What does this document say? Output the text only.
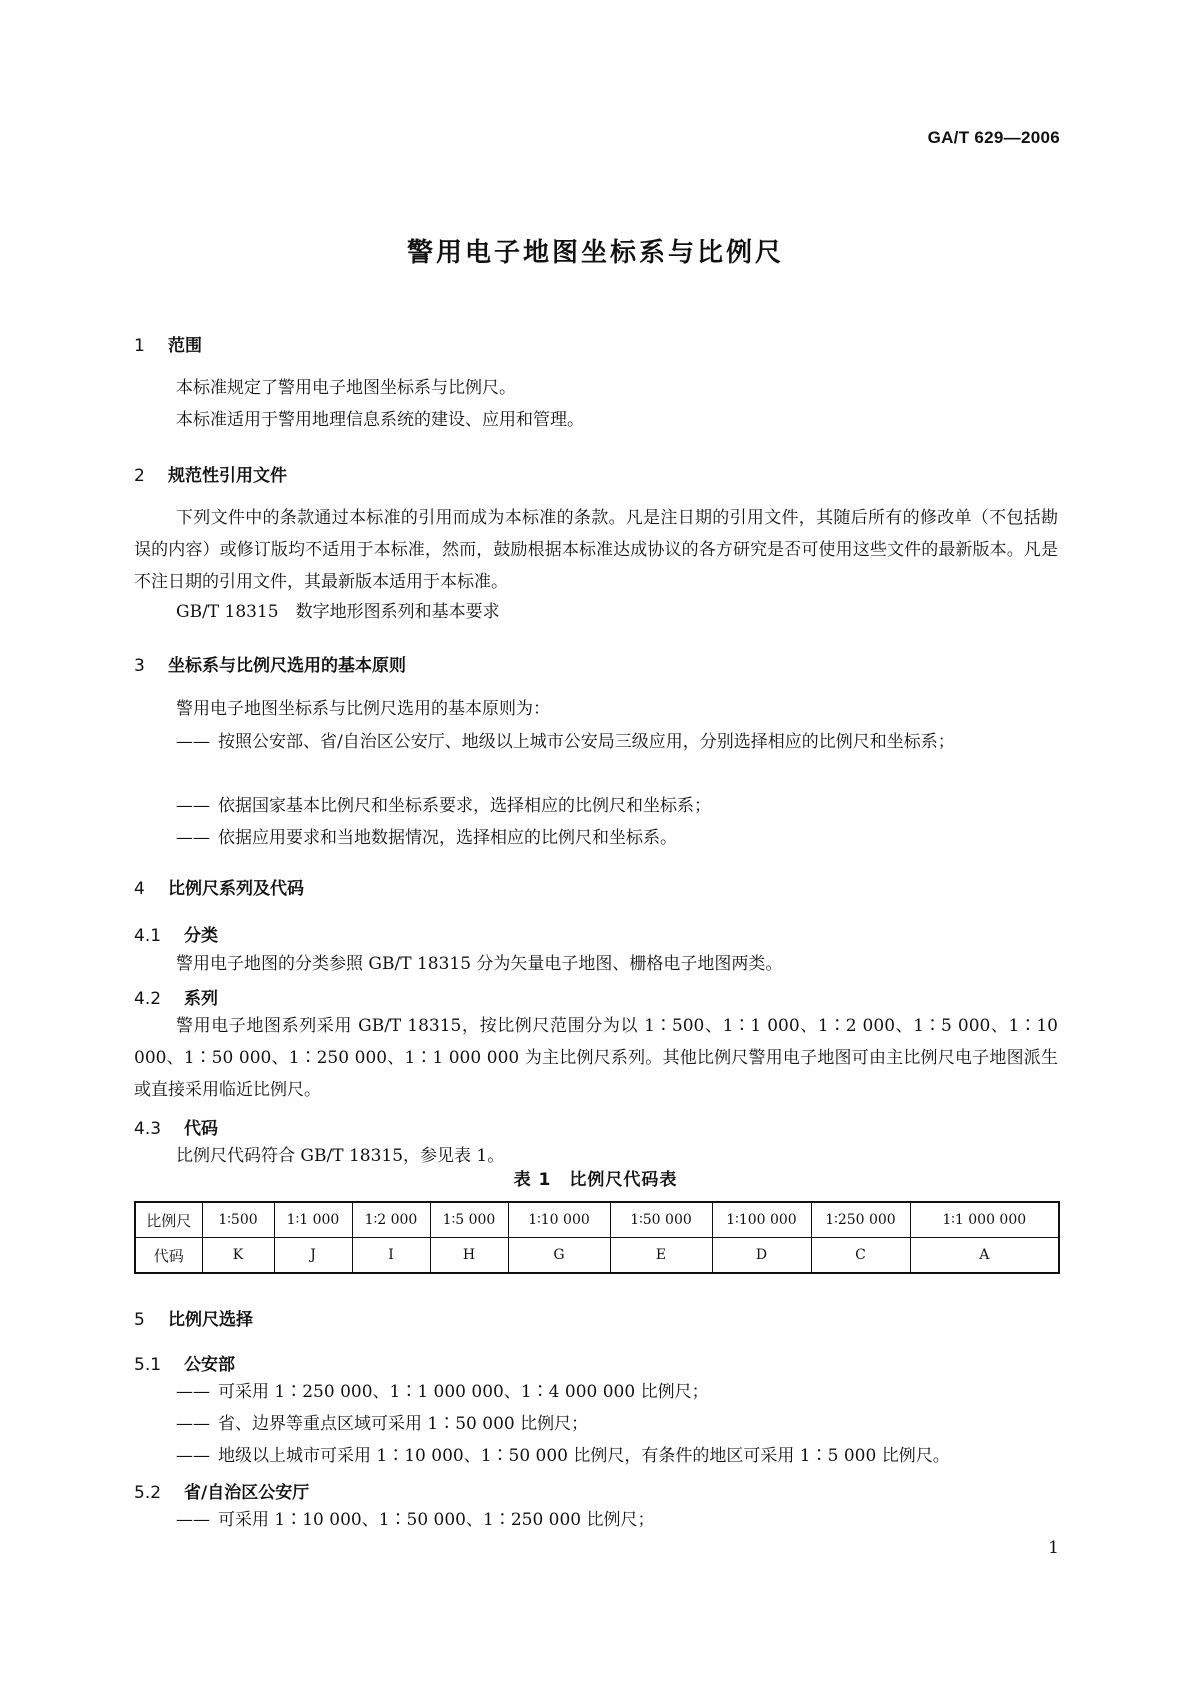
GA/T 629—2006
警用电子地图坐标系与比例尺
1 范围
本标准规定了警用电子地图坐标系与比例尺。
本标准适用于警用地理信息系统的建设、应用和管理。
2 规范性引用文件
下列文件中的条款通过本标准的引用而成为本标准的条款。凡是注日期的引用文件，其随后所有的修改单（不包括勘误的内容）或修订版均不适用于本标准，然而，鼓励根据本标准达成协议的各方研究是否可使用这些文件的最新版本。凡是不注日期的引用文件，其最新版本适用于本标准。
GB/T 18315　数字地形图系列和基本要求
3 坐标系与比例尺选用的基本原则
警用电子地图坐标系与比例尺选用的基本原则为：
—— 按照公安部、省/自治区公安厅、地级以上城市公安局三级应用，分别选择相应的比例尺和坐标系；
—— 依据国家基本比例尺和坐标系要求，选择相应的比例尺和坐标系；
—— 依据应用要求和当地数据情况，选择相应的比例尺和坐标系。
4 比例尺系列及代码
4.1 分类
警用电子地图的分类参照 GB/T 18315 分为矢量电子地图、栅格电子地图两类。
4.2 系列
警用电子地图系列采用 GB/T 18315，按比例尺范围分为以 1∶500、1∶1 000、1∶2 000、1∶5 000、1∶10 000、1∶50 000、1∶250 000、1∶1 000 000 为主比例尺系列。其他比例尺警用电子地图可由主比例尺电子地图派生或直接采用临近比例尺。
4.3 代码
比例尺代码符合 GB/T 18315，参见表 1。
表 1　比例尺代码表
比例尺	1∶500	1∶1 000	1∶2 000	1∶5 000	1∶10 000	1∶50 000	1∶100 000	1∶250 000	1∶1 000 000
代码	K	J	I	H	G	E	D	C	A
5 比例尺选择
5.1 公安部
—— 可采用 1∶250 000、1∶1 000 000、1∶4 000 000 比例尺；
—— 省、边界等重点区域可采用 1∶50 000 比例尺；
—— 地级以上城市可采用 1∶10 000、1∶50 000 比例尺，有条件的地区可采用 1∶5 000 比例尺。
5.2 省/自治区公安厅
—— 可采用 1∶10 000、1∶50 000、1∶250 000 比例尺；
1
